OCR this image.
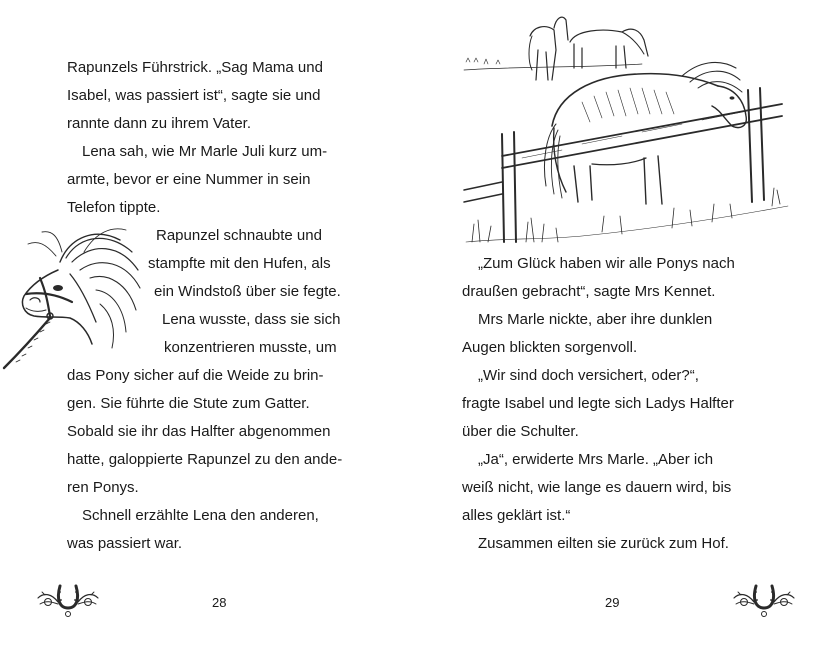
Rapunzels Führstrick. „Sag Mama und
Isabel, was passiert ist“, sagte sie und
rannte dann zu ihrem Vater.
Lena sah, wie Mr Marle Juli kurz um-
armte, bevor er eine Nummer in sein
Telefon tippte.
Rapunzel schnaubte und
stampfte mit den Hufen, als
ein Windstoß über sie fegte.
Lena wusste, dass sie sich
konzentrieren musste, um
das Pony sicher auf die Weide zu brin-
gen. Sie führte die Stute zum Gatter.
Sobald sie ihr das Halfter abgenommen
hatte, galoppierte Rapunzel zu den ande-
ren Ponys.
Schnell erzählte Lena den anderen,
was passiert war.
28
„Zum Glück haben wir alle Ponys nach
draußen gebracht“, sagte Mrs Kennet.
Mrs Marle nickte, aber ihre dunklen
Augen blickten sorgenvoll.
„Wir sind doch versichert, oder?“,
fragte Isabel und legte sich Ladys Halfter
über die Schulter.
„Ja“, erwiderte Mrs Marle. „Aber ich
weiß nicht, wie lange es dauern wird, bis
alles geklärt ist.“
Zusammen eilten sie zurück zum Hof.
29
